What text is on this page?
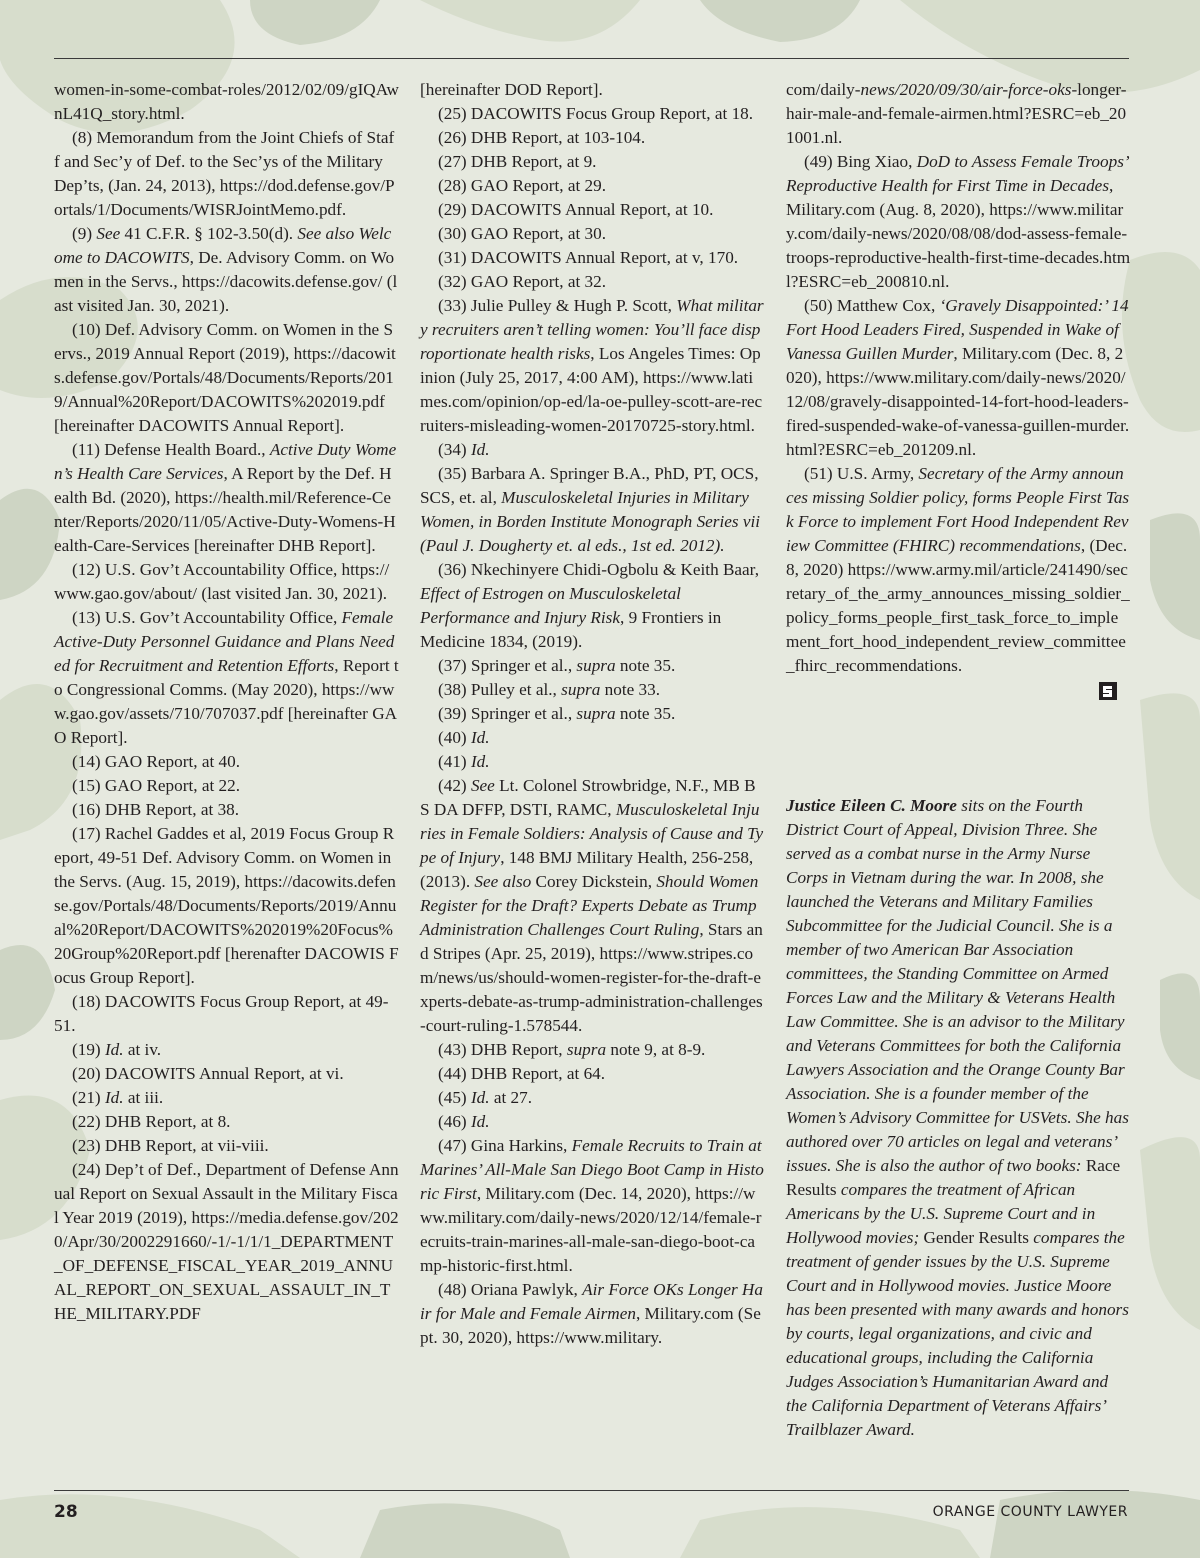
women-in-some-combat-roles/2012/02/09/gIQAwnL41Q_story.html.

(8) Memorandum from the Joint Chiefs of Staff and Sec’y of Def. to the Sec’ys of the Military Dep’ts, (Jan. 24, 2013), https://dod.defense.gov/Portals/1/Documents/WISRJointMemo.pdf.

(9) See 41 C.F.R. § 102-3.50(d). See also Welcome to DACOWITS, De. Advisory Comm. on Women in the Servs., https://dacowits.defense.gov/ (last visited Jan. 30, 2021).

(10) Def. Advisory Comm. on Women in the Servs., 2019 Annual Report (2019), https://dacowits.defense.gov/Portals/48/Documents/Reports/2019/Annual%20Report/DACOWITS%202019.pdf [hereinafter DACOWITS Annual Report].

(11) Defense Health Board., Active Duty Women’s Health Care Services, A Report by the Def. Health Bd. (2020), https://health.mil/Reference-Center/Reports/2020/11/05/Active-Duty-Womens-Health-Care-Services [hereinafter DHB Report].

(12) U.S. Gov’t Accountability Office, https://www.gao.gov/about/ (last visited Jan. 30, 2021).

(13) U.S. Gov’t Accountability Office, Female Active-Duty Personnel Guidance and Plans Needed for Recruitment and Retention Efforts, Report to Congressional Comms. (May 2020), https://www.gao.gov/assets/710/707037.pdf [hereinafter GAO Report].

(14) GAO Report, at 40.

(15) GAO Report, at 22.

(16) DHB Report, at 38.

(17) Rachel Gaddes et al, 2019 Focus Group Report, 49-51 Def. Advisory Comm. on Women in the Servs. (Aug. 15, 2019), https://dacowits.defense.gov/Portals/48/Documents/Reports/2019/Annual%20Report/DACOWITS%202019%20Focus%20Group%20Report.pdf [herenafter DACOWIS Focus Group Report].

(18) DACOWITS Focus Group Report, at 49-51.

(19) Id. at iv.

(20) DACOWITS Annual Report, at vi.

(21) Id. at iii.

(22) DHB Report, at 8.

(23) DHB Report, at vii-viii.

(24) Dep’t of Def., Department of Defense Annual Report on Sexual Assault in the Military Fiscal Year 2019 (2019), https://media.defense.gov/2020/Apr/30/2002291660/-1/-1/1/1_DEPARTMENT_OF_DEFENSE_FISCAL_YEAR_2019_ANNUAL_REPORT_ON_SEXUAL_ASSAULT_IN_THE_MILITARY.PDF

[hereinafter DOD Report].

(25) DACOWITS Focus Group Report, at 18.

(26) DHB Report, at 103-104.

(27) DHB Report, at 9.

(28) GAO Report, at 29.

(29) DACOWITS Annual Report, at 10.

(30) GAO Report, at 30.

(31) DACOWITS Annual Report, at v, 170.

(32) GAO Report, at 32.

(33) Julie Pulley & Hugh P. Scott, What military recruiters aren’t telling women: You’ll face disproportionate health risks, Los Angeles Times: Opinion (July 25, 2017, 4:00 AM), https://www.latimes.com/opinion/op-ed/la-oe-pulley-scott-are-recruiters-misleading-women-20170725-story.html.

(34) Id.

(35) Barbara A. Springer B.A., PhD, PT, OCS, SCS, et. al, Musculoskeletal Injuries in Military Women, in Borden Institute Monograph Series vii (Paul J. Dougherty et. al eds., 1st ed. 2012).

(36) Nkechinyere Chidi-Ogbolu & Keith Baar, Effect of Estrogen on Musculoskeletal Performance and Injury Risk, 9 Frontiers in Medicine 1834, (2019).

(37) Springer et al., supra note 35.

(38) Pulley et al., supra note 33.

(39) Springer et al., supra note 35.

(40) Id.

(41) Id.

(42) See Lt. Colonel Strowbridge, N.F., MB BS DA DFFP, DSTI, RAMC, Musculoskeletal Injuries in Female Soldiers: Analysis of Cause and Type of Injury, 148 BMJ Military Health, 256-258, (2013). See also Corey Dickstein, Should Women Register for the Draft? Experts Debate as Trump Administration Challenges Court Ruling, Stars and Stripes (Apr. 25, 2019), https://www.stripes.com/news/us/should-women-register-for-the-draft-experts-debate-as-trump-administration-challenges-court-ruling-1.578544.

(43) DHB Report, supra note 9, at 8-9.

(44) DHB Report, at 64.

(45) Id. at 27.

(46) Id.

(47) Gina Harkins, Female Recruits to Train at Marines’ All-Male San Diego Boot Camp in Historic First, Military.com (Dec. 14, 2020), https://www.military.com/daily-news/2020/12/14/female-recruits-train-marines-all-male-san-diego-boot-camp-historic-first.html.

(48) Oriana Pawlyk, Air Force OKs Longer Hair for Male and Female Airmen, Military.com (Sept. 30, 2020), https://www.military.

com/daily-news/2020/09/30/air-force-oks-longer-hair-male-and-female-airmen.html?ESRC=eb_201001.nl.

(49) Bing Xiao, DoD to Assess Female Troops’ Reproductive Health for First Time in Decades, Military.com (Aug. 8, 2020), https://www.military.com/daily-news/2020/08/08/dod-assess-female-troops-reproductive-health-first-time-decades.html?ESRC=eb_200810.nl.

(50) Matthew Cox, ‘Gravely Disappointed:’ 14 Fort Hood Leaders Fired, Suspended in Wake of Vanessa Guillen Murder, Military.com (Dec. 8, 2020), https://www.military.com/daily-news/2020/12/08/gravely-disappointed-14-fort-hood-leaders-fired-suspended-wake-of-vanessa-guillen-murder.html?ESRC=eb_201209.nl.

(51) U.S. Army, Secretary of the Army announces missing Soldier policy, forms People First Task Force to implement Fort Hood Independent Review Committee (FHIRC) recommendations, (Dec. 8, 2020) https://www.army.mil/article/241490/secretary_of_the_army_announces_missing_soldier_policy_forms_people_first_task_force_to_implement_fort_hood_independent_review_committee_fhirc_recommendations.

Justice Eileen C. Moore sits on the Fourth District Court of Appeal, Division Three. She served as a combat nurse in the Army Nurse Corps in Vietnam during the war. In 2008, she launched the Veterans and Military Families Subcommittee for the Judicial Council. She is a member of two American Bar Association committees, the Standing Committee on Armed Forces Law and the Military & Veterans Health Law Committee. She is an advisor to the Military and Veterans Committees for both the California Lawyers Association and the Orange County Bar Association. She is a founder member of the Women’s Advisory Committee for USVets. She has authored over 70 articles on legal and veterans’ issues. She is also the author of two books: Race Results compares the treatment of African Americans by the U.S. Supreme Court and in Hollywood movies; Gender Results compares the treatment of gender issues by the U.S. Supreme Court and in Hollywood movies. Justice Moore has been presented with many awards and honors by courts, legal organizations, and civic and educational groups, including the California Judges Association’s Humanitarian Award and the California Department of Veterans Affairs’ Trailblazer Award.

28	ORANGE COUNTY LAWYER
